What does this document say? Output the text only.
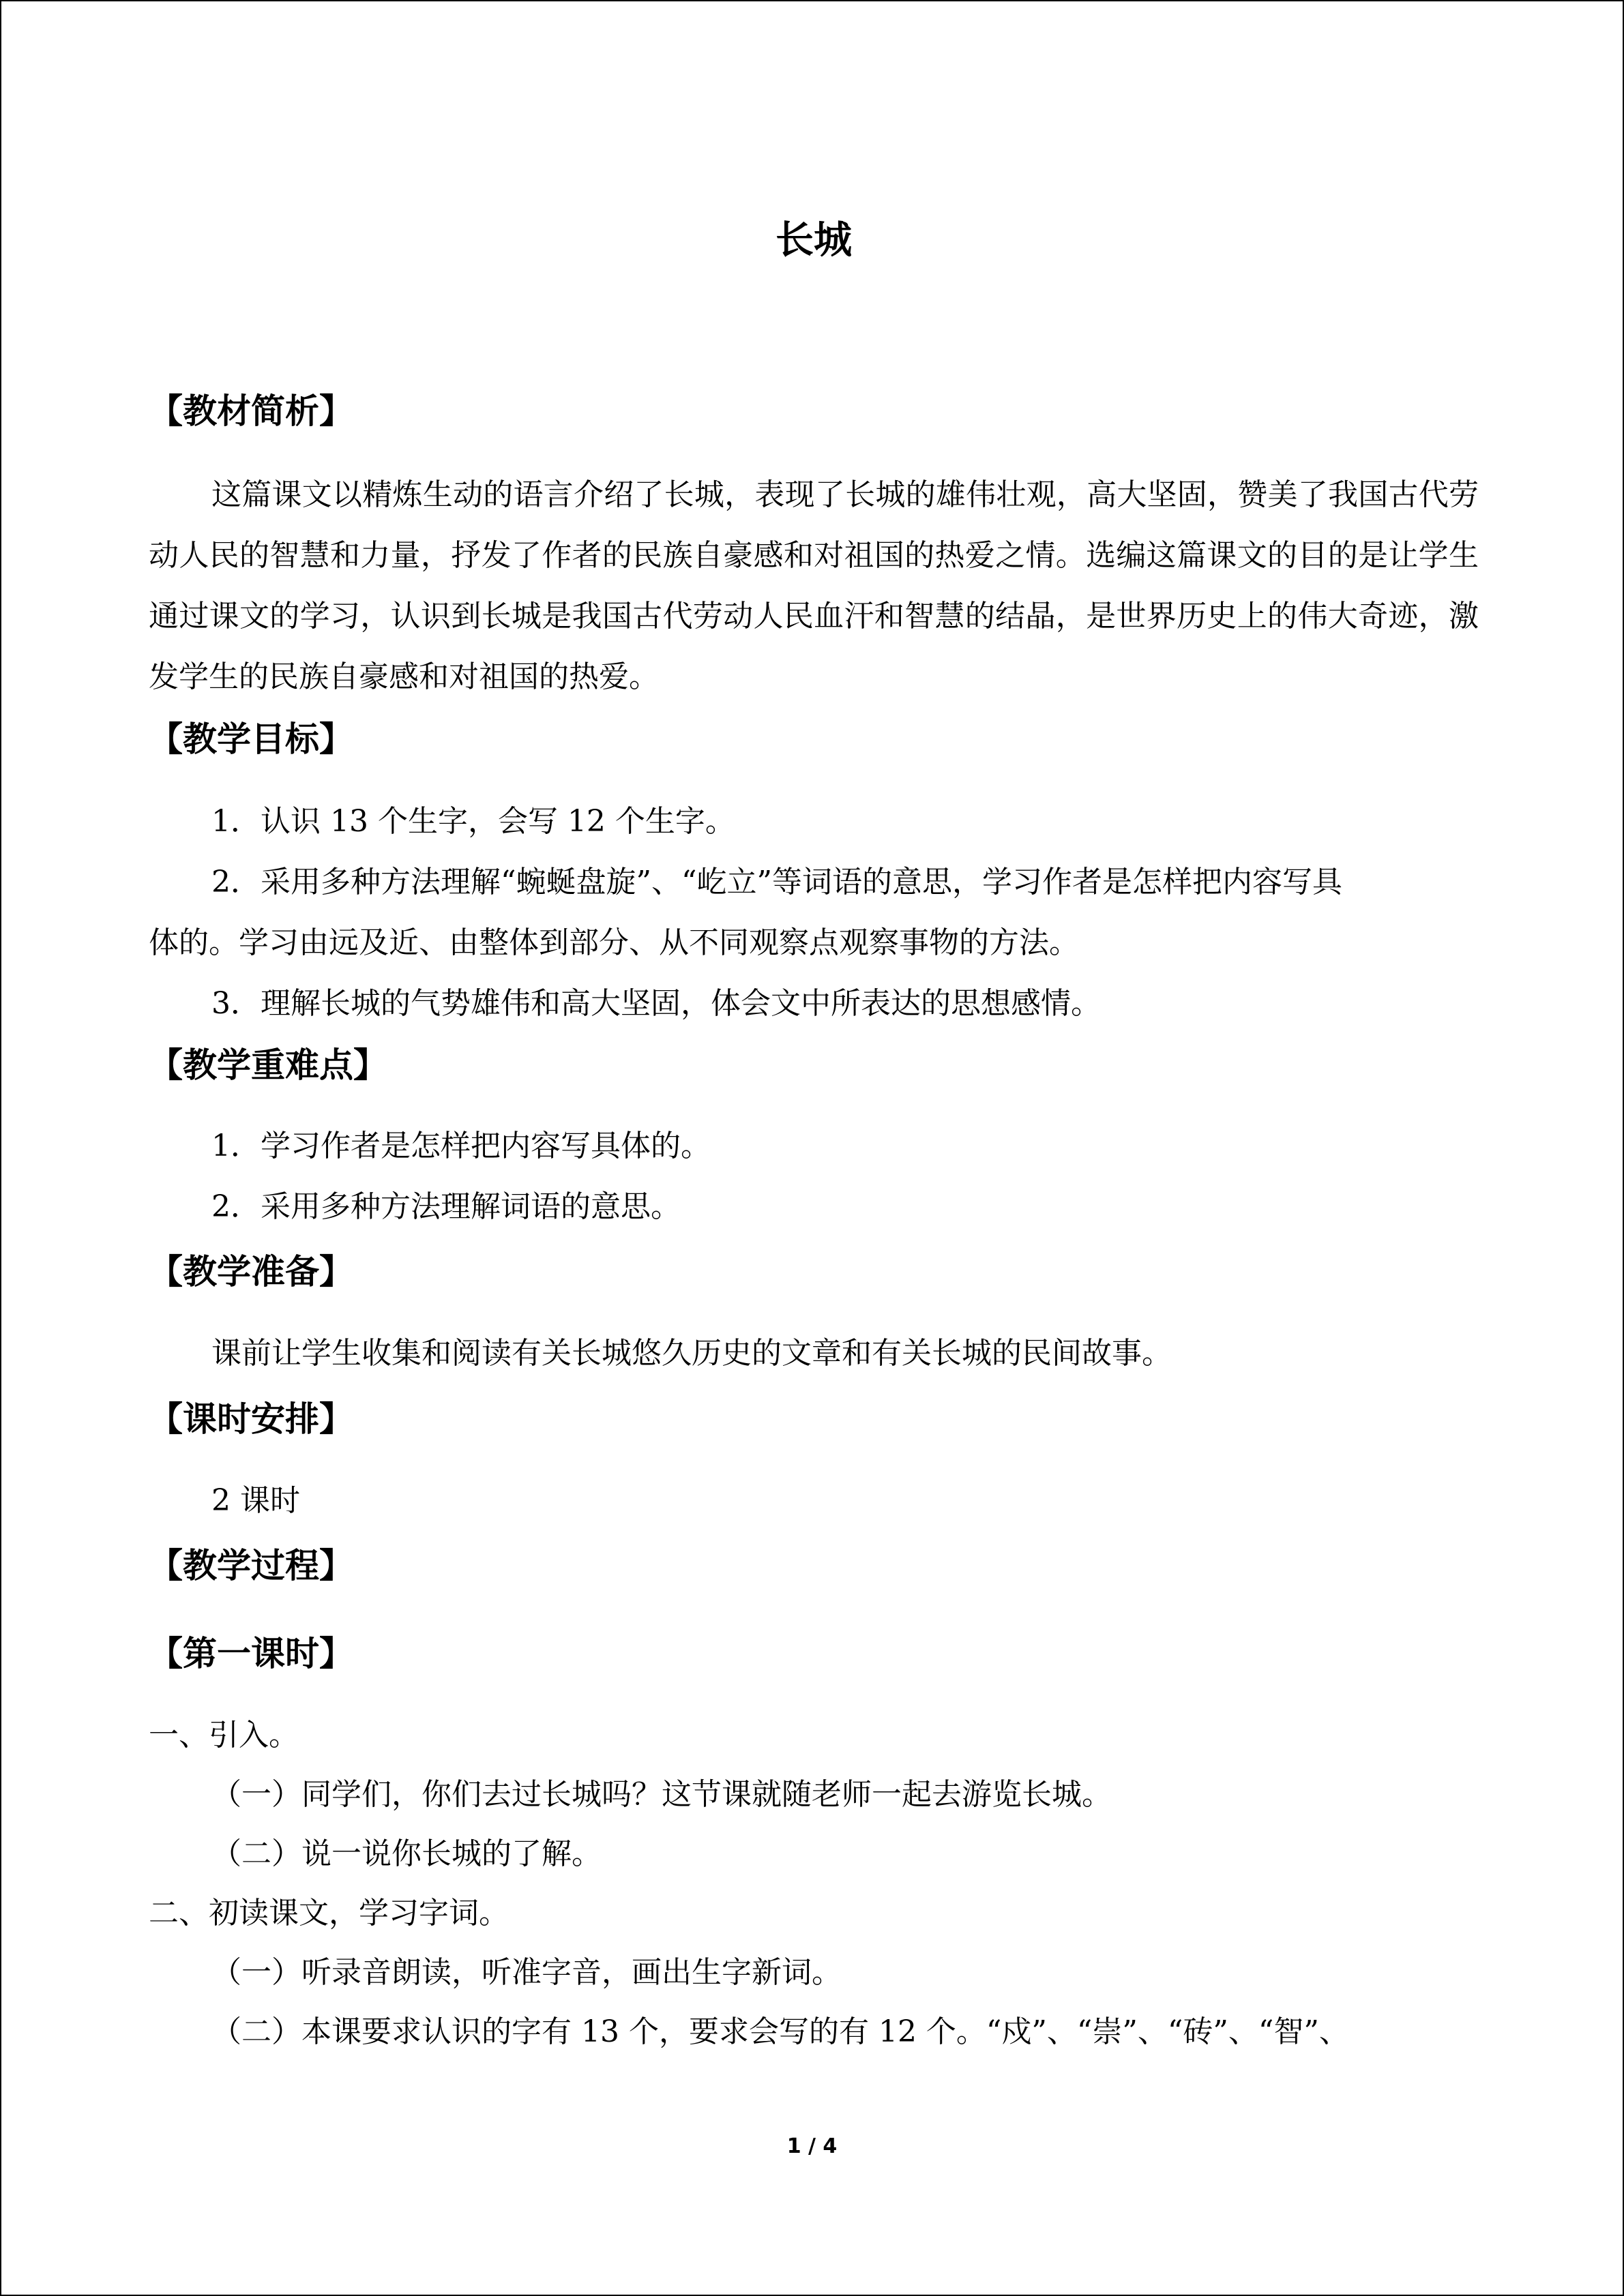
长城
【教材简析】
这篇课文以精炼生动的语言介绍了长城，表现了长城的雄伟壮观，高大坚固，赞美了我国古代劳动人民的智慧和力量，抒发了作者的民族自豪感和对祖国的热爱之情。选编这篇课文的目的是让学生通过课文的学习，认识到长城是我国古代劳动人民血汗和智慧的结晶，是世界历史上的伟大奇迹，激发学生的民族自豪感和对祖国的热爱。
【教学目标】
1．认识 13 个生字，会写 12 个生字。
2．采用多种方法理解“蜿蜒盘旋”、“屹立”等词语的意思，学习作者是怎样把内容写具
体的。学习由远及近、由整体到部分、从不同观察点观察事物的方法。
3．理解长城的气势雄伟和高大坚固，体会文中所表达的思想感情。
【教学重难点】
1．学习作者是怎样把内容写具体的。
2．采用多种方法理解词语的意思。
【教学准备】
课前让学生收集和阅读有关长城悠久历史的文章和有关长城的民间故事。
【课时安排】
2 课时
【教学过程】
【第一课时】
一、引入。
（一）同学们，你们去过长城吗？这节课就随老师一起去游览长城。
（二）说一说你长城的了解。
二、初读课文，学习字词。
（一）听录音朗读，听准字音，画出生字新词。
（二）本课要求认识的字有 13 个，要求会写的有 12 个。“戍”、“崇”、“砖”、“智”、
1 / 4
